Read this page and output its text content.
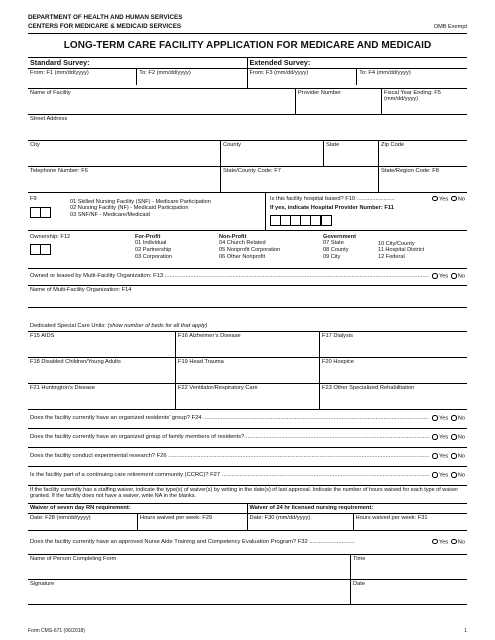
DEPARTMENT OF HEALTH AND HUMAN SERVICES
CENTERS FOR MEDICARE & MEDICAID SERVICES	OMB Exempt
LONG-TERM CARE FACILITY APPLICATION FOR MEDICARE AND MEDICAID
Standard Survey:
From: F1 (mm/dd/yyyy)	To: F2 (mm/dd/yyyy)
Extended Survey:
From: F3 (mm/dd/yyyy)	To: F4 (mm/dd/yyyy)
Name of Facility	Provider Number	Fiscal Year Ending: F5 (mm/dd/yyyy)
Street Address
City	County	State	Zip Code
Telephone Number: F6	State/County Code: F7	State/Region Code: F8
F9	01 Skilled Nursing Facility (SNF) - Medicare Participation
02 Nursing Facility (NF) - Medicaid Participation
03 SNF/NF - Medicare/Medicaid
Is this facility hospital based? F10 ........................	Yes No
If yes, indicate Hospital Provider Number: F11
Ownership: F12	For-Profit
01 Individual
02 Partnership
03 Corporation
Non-Profit
04 Church Related
05 Nonprofit Corporation
06 Other Nonprofit
Government
07 State
08 County
09 City
10 City/County
11 Hospital District
12 Federal
Owned or leased by Multi-Facility Organization: F13 .....	Yes No
Name of Multi-Facility Organization: F14
Dedicated Special Care Units: (show number of beds for all that apply)
F15 AIDS	F16 Alzheimer’s Disease	F17 Dialysis
F18 Disabled Children/Young Adults	F19 Head Trauma	F20 Hospice
F21 Huntington’s Disease	F22 Ventilator/Respiratory Care	F23 Other Specialized Rehabilitation
Does the facility currently have an organized residents’ group? F24 .....	Yes No
Does the facility currently have an organized group of family members of residents? .....	Yes No
Does the facility conduct experimental research? F26 .....	Yes No
Is the facility part of a continuing care retirement community (CCRC)? F27 .....	Yes No
If the facility currently has a staffing waiver, indicate the type(s) of waiver(s) by writing in the date(s) of last approval. Indicate the number of hours waived for each type of waiver granted. If the facility does not have a waiver, write NA in the blanks.
Waiver of seven day RN requirement:
Date: F28 (mm/dd/yyyy)	Hours waived per week: F29
Waiver of 24 hr licensed nursing requirement:
Date: F30 (mm/dd/yyyy)	Hours waived per week: F31
Does the facility currently have an approved Nurse Aide Training and Competency Evaluation Program? F32 ............................	Yes No
Name of Person Completing Form	Time
Signature	Date
Form CMS-671 (06/2018)	1
